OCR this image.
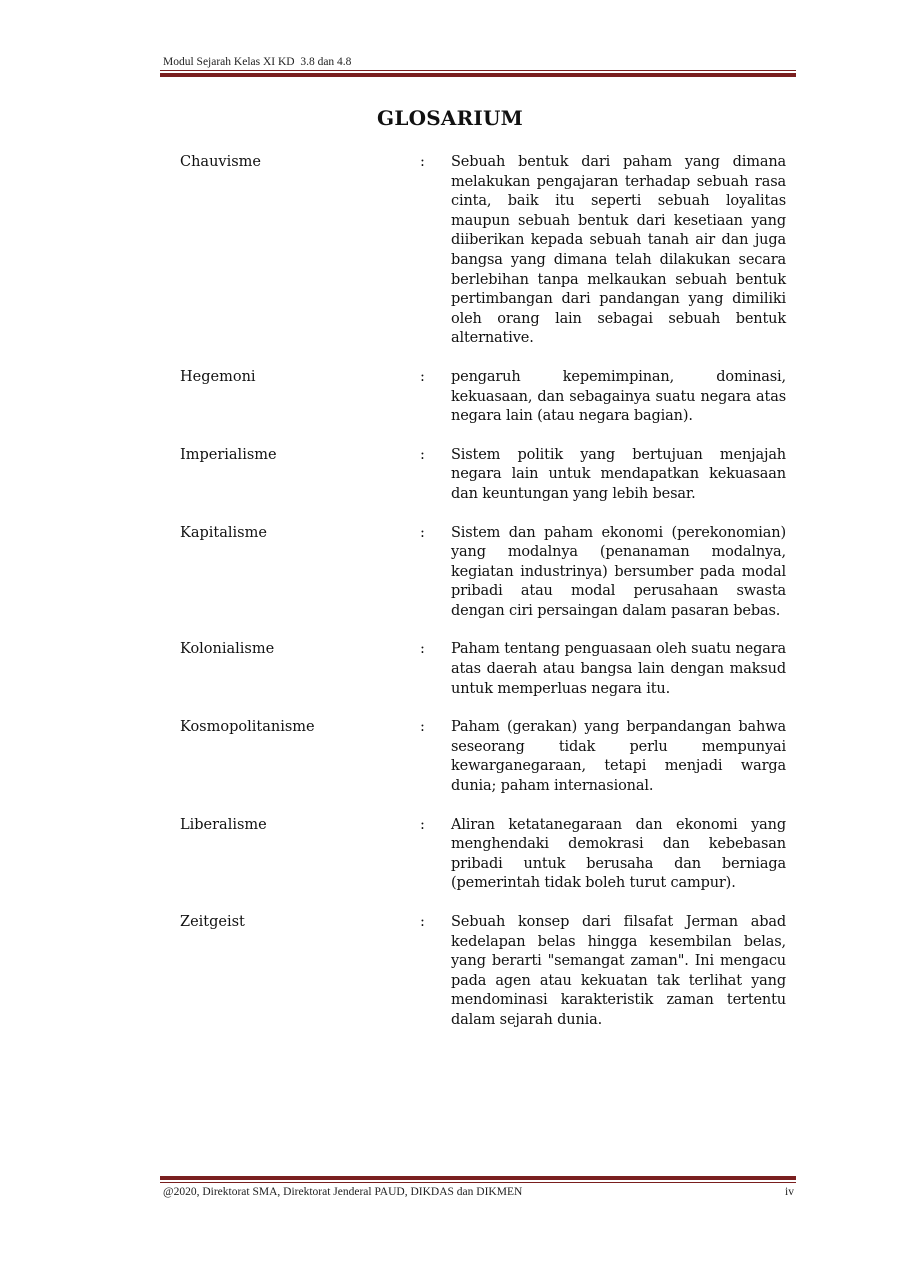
Modul Sejarah Kelas XI KD  3.8 dan 4.8
GLOSARIUM
Chauvisme	:	Sebuah bentuk dari paham yang dimana melakukan pengajaran terhadap sebuah rasa cinta, baik itu seperti sebuah loyalitas maupun sebuah bentuk dari kesetiaan yang diiberikan kepada sebuah tanah air dan juga bangsa yang dimana telah dilakukan secara berlebihan tanpa melkaukan sebuah bentuk pertimbangan dari pandangan yang dimiliki oleh orang lain sebagai sebuah bentuk alternative.
Hegemoni	:	pengaruh kepemimpinan, dominasi, kekuasaan, dan sebagainya suatu negara atas negara lain (atau negara bagian).
Imperialisme	:	Sistem politik yang bertujuan menjajah negara lain untuk mendapatkan kekuasaan dan keuntungan yang lebih besar.
Kapitalisme	:	Sistem dan paham ekonomi (perekonomian) yang modalnya (penanaman modalnya, kegiatan industrinya) bersumber pada modal pribadi atau modal perusahaan swasta dengan ciri persaingan dalam pasaran bebas.
Kolonialisme	:	Paham tentang penguasaan oleh suatu negara atas daerah atau bangsa lain dengan maksud untuk memperluas negara itu.
Kosmopolitanisme	:	Paham (gerakan) yang berpandangan bahwa seseorang tidak perlu mempunyai kewarganegaraan, tetapi menjadi warga dunia; paham internasional.
Liberalisme	:	Aliran ketatanegaraan dan ekonomi yang menghendaki demokrasi dan kebebasan pribadi untuk berusaha dan berniaga (pemerintah tidak boleh turut campur).
Zeitgeist	:	Sebuah konsep dari filsafat Jerman abad kedelapan belas hingga kesembilan belas, yang berarti "semangat zaman". Ini mengacu pada agen atau kekuatan tak terlihat yang mendominasi karakteristik zaman tertentu dalam sejarah dunia.
@2020, Direktorat SMA, Direktorat Jenderal PAUD, DIKDAS dan DIKMEN	iv
